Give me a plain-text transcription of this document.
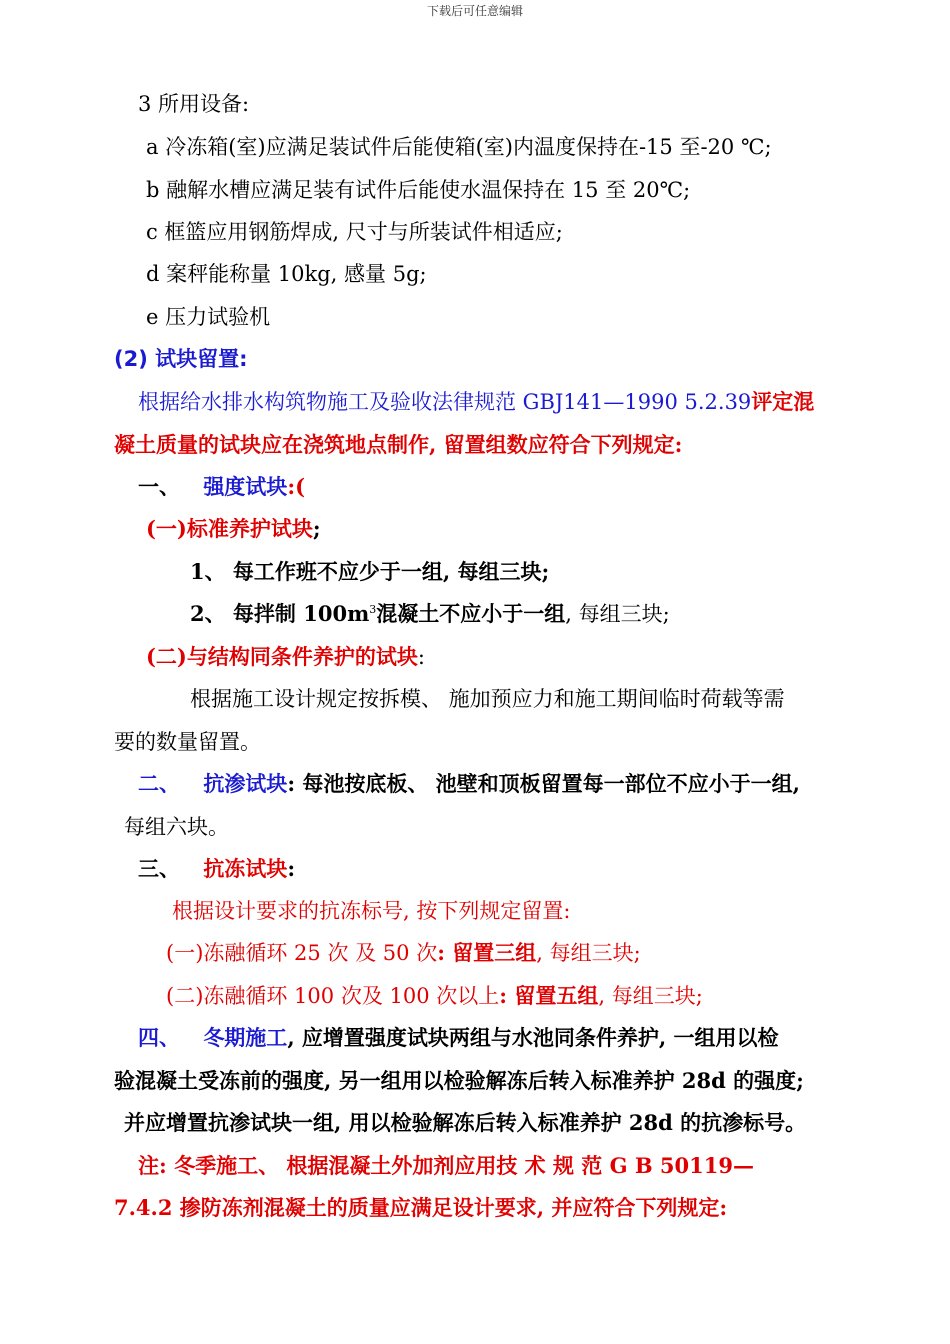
下载后可任意编辑
3 所用设备:
a 冷冻箱(室)应满足装试件后能使箱(室)内温度保持在-15 至-20 ℃;
b 融解水槽应满足装有试件后能使水温保持在 15 至 20℃;
c 框篮应用钢筋焊成, 尺寸与所装试件相适应;
d 案秤能称量 10kg, 感量 5g;
e 压力试验机
(2) 试块留置:
根据给水排水构筑物施工及验收法律规范 GBJ141—1990 5.2.39评定混
凝土质量的试块应在浇筑地点制作, 留置组数应符合下列规定:
一、 强度试块:(
(一)标准养护试块;
1、 每工作班不应少于一组, 每组三块;
2、 每拌制 $100m^3$混凝土不应小于一组, 每组三块;
(二)与结构同条件养护的试块:
根据施工设计规定按拆模、 施加预应力和施工期间临时荷载等需
要的数量留置。
二、 抗渗试块: 每池按底板、 池壁和顶板留置每一部位不应小于一组,
每组六块。
三、 抗冻试块:
根据设计要求的抗冻标号, 按下列规定留置:
(一)冻融循环 25 次 及 50 次: 留置三组, 每组三块;
(二)冻融循环 100 次及 100 次以上: 留置五组, 每组三块;
四、 冬期施工, 应增置强度试块两组与水池同条件养护, 一组用以检
验混凝土受冻前的强度, 另一组用以检验解冻后转入标准养护 28d 的强度;
并应增置抗渗试块一组, 用以检验解冻后转入标准养护 28d 的抗渗标号。
注: 冬季施工、 根据混凝土外加剂应用技 术 规 范 G B 50119—
7.4.2 掺防冻剂混凝土的质量应满足设计要求, 并应符合下列规定:
